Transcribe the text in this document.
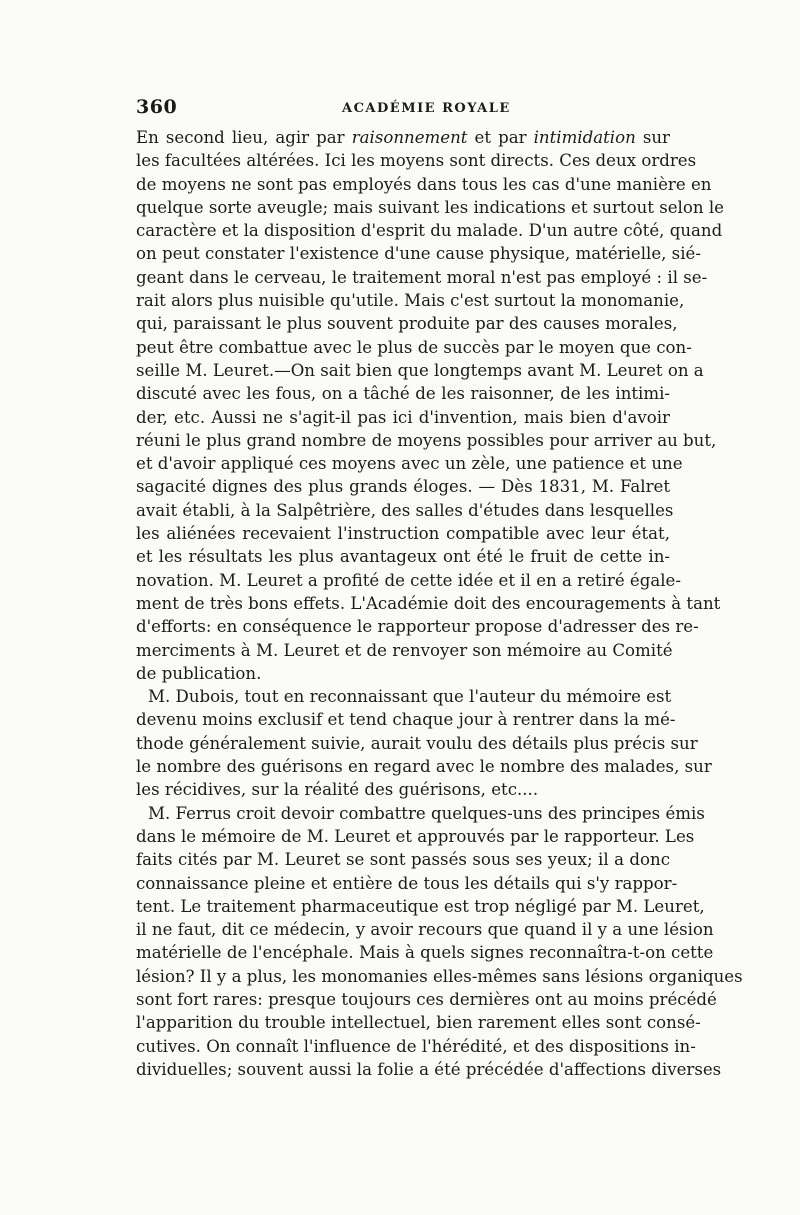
360	ACADÉMIE ROYALE
En second lieu, agir par raisonnement et par intimidation sur
les facultées altérées. Ici les moyens sont directs. Ces deux ordres
de moyens ne sont pas employés dans tous les cas d'une manière en
quelque sorte aveugle; mais suivant les indications et surtout selon le
caractère et la disposition d'esprit du malade. D'un autre côté, quand
on peut constater l'existence d'une cause physique, matérielle, sié-
geant dans le cerveau, le traitement moral n'est pas employé : il se-
rait alors plus nuisible qu'utile. Mais c'est surtout la monomanie,
qui, paraissant le plus souvent produite par des causes morales,
peut être combattue avec le plus de succès par le moyen que con-
seille M. Leuret.—On sait bien que longtemps avant M. Leuret on a
discuté avec les fous, on a tâché de les raisonner, de les intimi-
der, etc. Aussi ne s'agit-il pas ici d'invention, mais bien d'avoir
réuni le plus grand nombre de moyens possibles pour arriver au but,
et d'avoir appliqué ces moyens avec un zèle, une patience et une
sagacité dignes des plus grands éloges. — Dès 1831, M. Falret
avait établi, à la Salpêtrière, des salles d'études dans lesquelles
les aliénées recevaient l'instruction compatible avec leur état,
et les résultats les plus avantageux ont été le fruit de cette in-
novation. M. Leuret a profité de cette idée et il en a retiré égale-
ment de très bons effets. L'Académie doit des encouragements à tant
d'efforts: en conséquence le rapporteur propose d'adresser des re-
merciments à M. Leuret et de renvoyer son mémoire au Comité
de publication.
M. Dubois, tout en reconnaissant que l'auteur du mémoire est
devenu moins exclusif et tend chaque jour à rentrer dans la mé-
thode généralement suivie, aurait voulu des détails plus précis sur
le nombre des guérisons en regard avec le nombre des malades, sur
les récidives, sur la réalité des guérisons, etc....
M. Ferrus croit devoir combattre quelques-uns des principes émis
dans le mémoire de M. Leuret et approuvés par le rapporteur. Les
faits cités par M. Leuret se sont passés sous ses yeux; il a donc
connaissance pleine et entière de tous les détails qui s'y rappor-
tent. Le traitement pharmaceutique est trop négligé par M. Leuret,
il ne faut, dit ce médecin, y avoir recours que quand il y a une lésion
matérielle de l'encéphale. Mais à quels signes reconnaîtra-t-on cette
lésion? Il y a plus, les monomanies elles-mêmes sans lésions organiques
sont fort rares: presque toujours ces dernières ont au moins précédé
l'apparition du trouble intellectuel, bien rarement elles sont consé-
cutives. On connaît l'influence de l'hérédité, et des dispositions in-
dividuelles; souvent aussi la folie a été précédée d'affections diverses
